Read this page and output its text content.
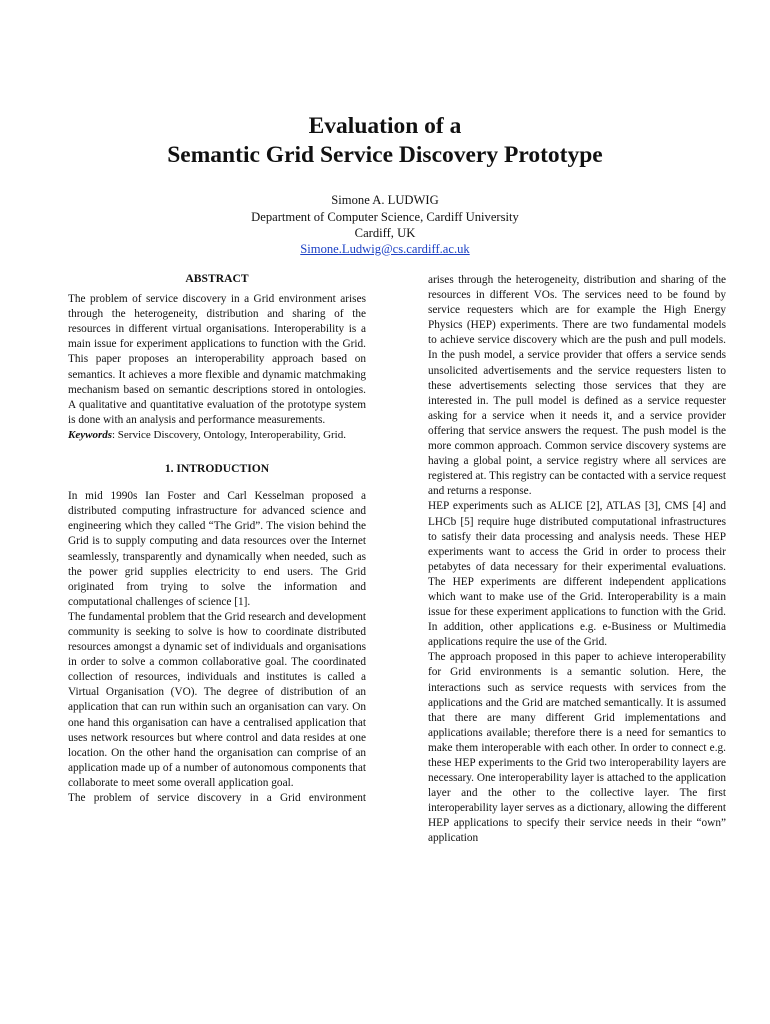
Evaluation of a
Semantic Grid Service Discovery Prototype

Simone A. LUDWIG

Department of Computer Science, Cardiff University

Cardiff, UK

Simone.Ludwig@cs.cardiff.ac.uk

ABSTRACT

The problem of service discovery in a Grid environment arises through the heterogeneity, distribution and sharing of the resources in different virtual organisations. Interoperability is a main issue for experiment applications to function with the Grid. This paper proposes an interoperability approach based on semantics. It achieves a more flexible and dynamic matchmaking mechanism based on semantic descriptions stored in ontologies. A qualitative and quantitative evaluation of the prototype system is done with an analysis and performance measurements.

Keywords: Service Discovery, Ontology, Interoperability, Grid.

1. INTRODUCTION

In mid 1990s Ian Foster and Carl Kesselman proposed a distributed computing infrastructure for advanced science and engineering which they called “The Grid”. The vision behind the Grid is to supply computing and data resources over the Internet seamlessly, transparently and dynamically when needed, such as the power grid supplies electricity to end users. The Grid originated from trying to solve the information and computational challenges of science [1].

The fundamental problem that the Grid research and development community is seeking to solve is how to coordinate distributed resources amongst a dynamic set of individuals and organisations in order to solve a common collaborative goal. The coordinated collection of resources, individuals and institutes is called a Virtual Organisation (VO). The degree of distribution of an application that can run within such an organisation can vary. On one hand this organisation can have a centralised application that uses network resources but where control and data resides at one location. On the other hand the organisation can comprise of an application made up of a number of autonomous components that collaborate to meet some overall application goal.

The problem of service discovery in a Grid environment

arises through the heterogeneity, distribution and sharing of the resources in different VOs. The services need to be found by service requesters which are for example the High Energy Physics (HEP) experiments. There are two fundamental models to achieve service discovery which are the push and pull models. In the push model, a service provider that offers a service sends unsolicited advertisements and the service requesters listen to these advertisements selecting those services that they are interested in. The pull model is defined as a service requester asking for a service when it needs it, and a service provider offering that service answers the request. The push model is the more common approach. Common service discovery systems are having a global point, a service registry where all services are registered at. This registry can be contacted with a service request and returns a response.

HEP experiments such as ALICE [2], ATLAS [3], CMS [4] and LHCb [5] require huge distributed computational infrastructures to satisfy their data processing and analysis needs. These HEP experiments want to access the Grid in order to process their petabytes of data necessary for their experimental evaluations. The HEP experiments are different independent applications which want to make use of the Grid. Interoperability is a main issue for these experiment applications to function with the Grid. In addition, other applications e.g. e-Business or Multimedia applications require the use of the Grid.

The approach proposed in this paper to achieve interoperability for Grid environments is a semantic solution. Here, the interactions such as service requests with services from the applications and the Grid are matched semantically. It is assumed that there are many different Grid implementations and applications available; therefore there is a need for semantics to make them interoperable with each other. In order to connect e.g. these HEP experiments to the Grid two interoperability layers are necessary. One interoperability layer is attached to the application layer and the other to the collective layer. The first interoperability layer serves as a dictionary, allowing the different HEP applications to specify their service needs in their “own” application
